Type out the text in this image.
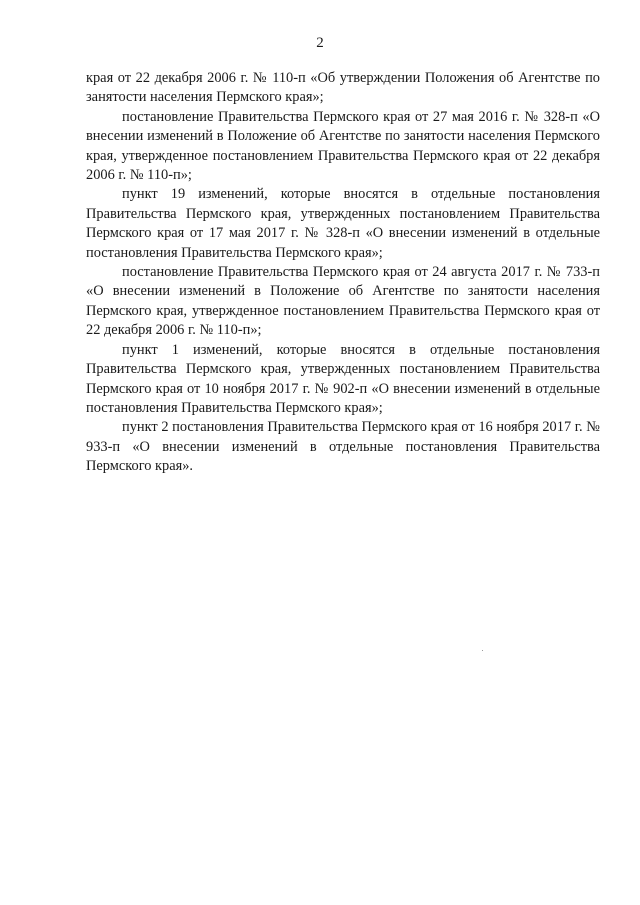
2

края от 22 декабря 2006 г. № 110-п «Об утверждении Положения об Агентстве по занятости населения Пермского края»;

постановление Правительства Пермского края от 27 мая 2016 г. № 328-п «О внесении изменений в Положение об Агентстве по занятости населения Пермского края, утвержденное постановлением Правительства Пермского края от 22 декабря 2006 г. № 110-п»;

пункт 19 изменений, которые вносятся в отдельные постановления Правительства Пермского края, утвержденных постановлением Правительства Пермского края от 17 мая 2017 г. № 328-п «О внесении изменений в отдельные постановления Правительства Пермского края»;

постановление Правительства Пермского края от 24 августа 2017 г. № 733-п «О внесении изменений в Положение об Агентстве по занятости населения Пермского края, утвержденное постановлением Правительства Пермского края от 22 декабря 2006 г. № 110-п»;

пункт 1 изменений, которые вносятся в отдельные постановления Правительства Пермского края, утвержденных постановлением Правительства Пермского края от 10 ноября 2017 г. № 902-п «О внесении изменений в отдельные постановления Правительства Пермского края»;

пункт 2 постановления Правительства Пермского края от 16 ноября 2017 г. № 933-п «О внесении изменений в отдельные постановления Правительства Пермского края».
